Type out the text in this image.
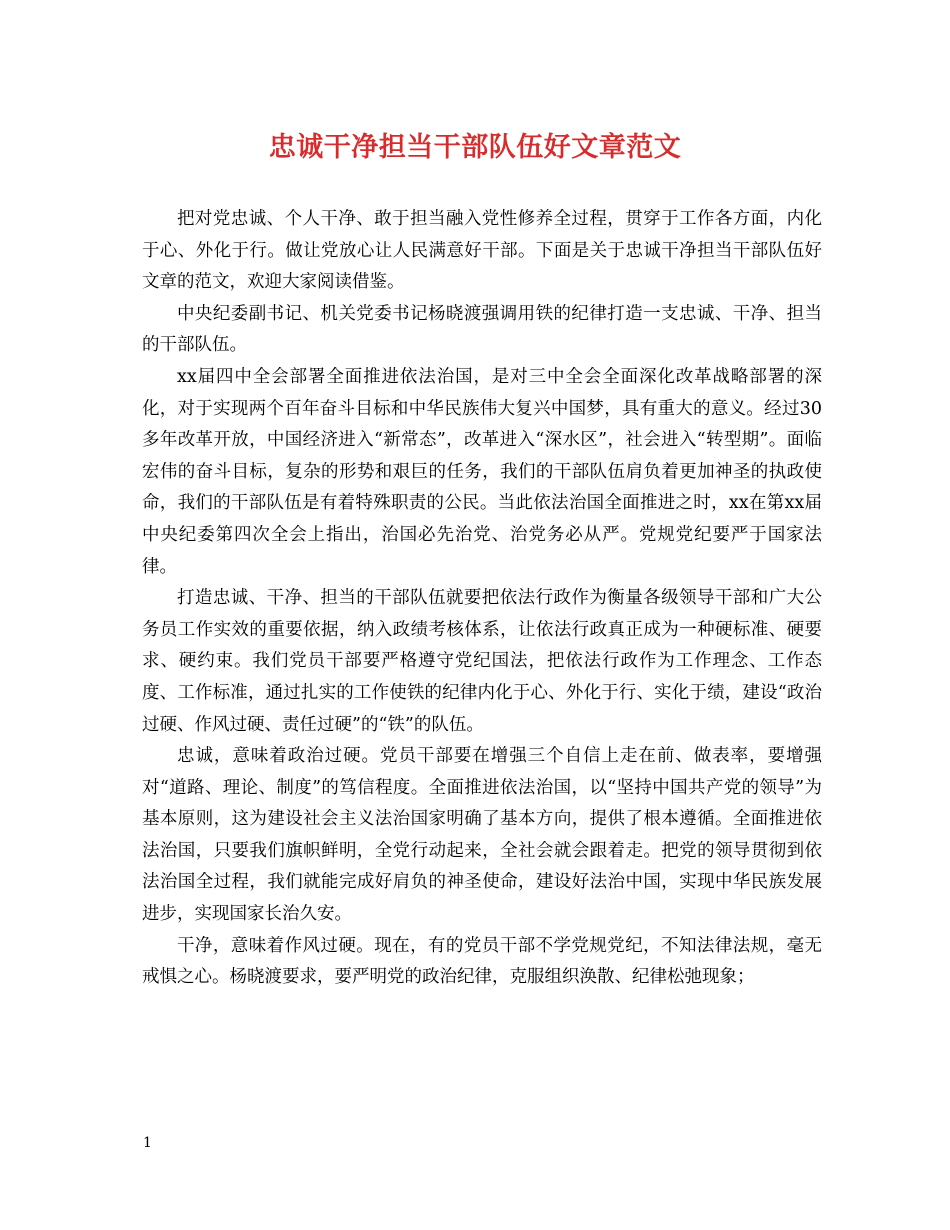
忠诚干净担当干部队伍好文章范文

把对党忠诚、个人干净、敢于担当融入党性修养全过程，贯穿于工作各方面，内化于心、外化于行。做让党放心让人民满意好干部。下面是关于忠诚干净担当干部队伍好文章的范文，欢迎大家阅读借鉴。

中央纪委副书记、机关党委书记杨晓渡强调用铁的纪律打造一支忠诚、干净、担当的干部队伍。

xx届四中全会部署全面推进依法治国，是对三中全会全面深化改革战略部署的深化，对于实现两个百年奋斗目标和中华民族伟大复兴中国梦，具有重大的意义。经过30多年改革开放，中国经济进入“新常态”，改革进入“深水区”，社会进入“转型期”。面临宏伟的奋斗目标，复杂的形势和艰巨的任务，我们的干部队伍肩负着更加神圣的执政使命，我们的干部队伍是有着特殊职责的公民。当此依法治国全面推进之时，xx在第xx届中央纪委第四次全会上指出，治国必先治党、治党务必从严。党规党纪要严于国家法律。

打造忠诚、干净、担当的干部队伍就要把依法行政作为衡量各级领导干部和广大公务员工作实效的重要依据，纳入政绩考核体系，让依法行政真正成为一种硬标准、硬要求、硬约束。我们党员干部要严格遵守党纪国法，把依法行政作为工作理念、工作态度、工作标准，通过扎实的工作使铁的纪律内化于心、外化于行、实化于绩，建设“政治过硬、作风过硬、责任过硬”的“铁”的队伍。

忠诚，意味着政治过硬。党员干部要在增强三个自信上走在前、做表率，要增强对“道路、理论、制度”的笃信程度。全面推进依法治国，以“坚持中国共产党的领导”为基本原则，这为建设社会主义法治国家明确了基本方向，提供了根本遵循。全面推进依法治国，只要我们旗帜鲜明，全党行动起来，全社会就会跟着走。把党的领导贯彻到依法治国全过程，我们就能完成好肩负的神圣使命，建设好法治中国，实现中华民族发展进步，实现国家长治久安。

干净，意味着作风过硬。现在，有的党员干部不学党规党纪，不知法律法规，毫无戒惧之心。杨晓渡要求，要严明党的政治纪律，克服组织涣散、纪律松弛现象；

1
